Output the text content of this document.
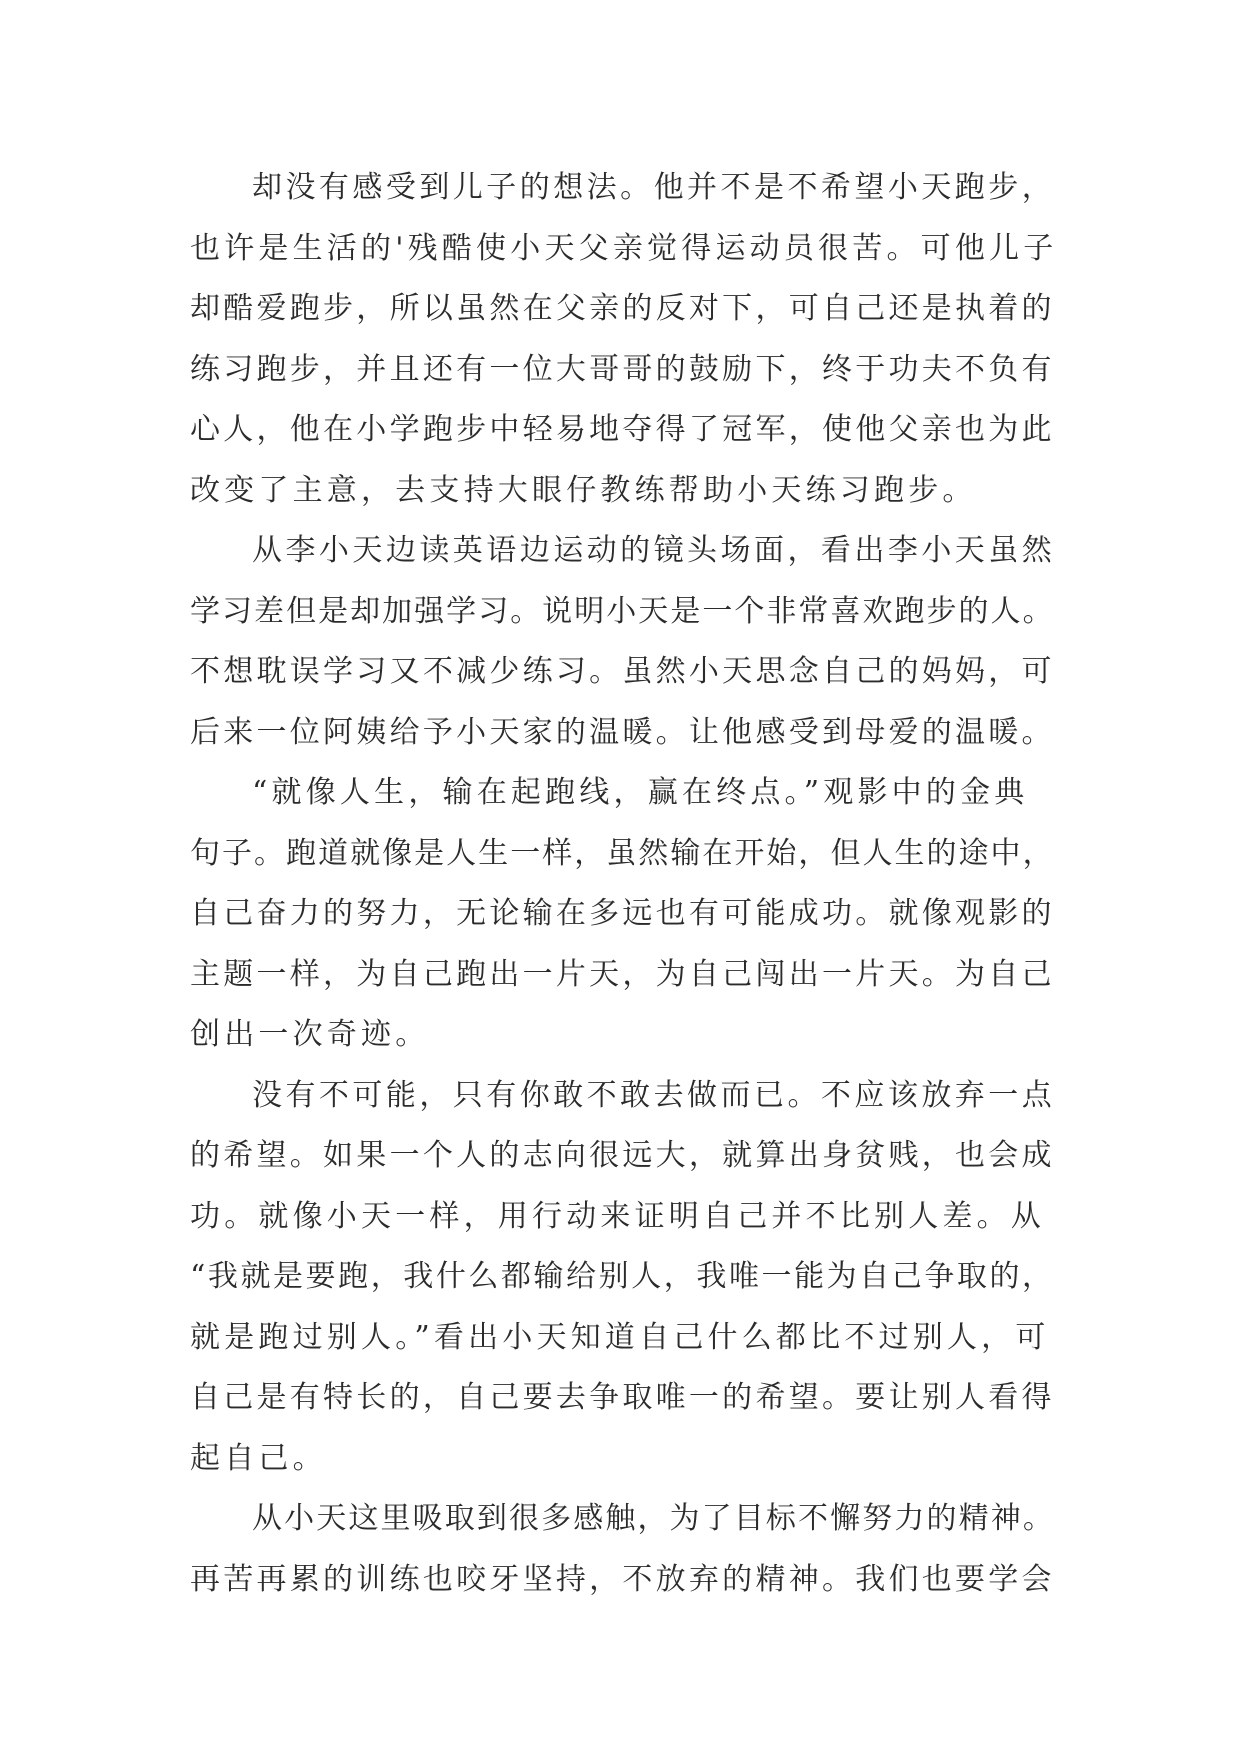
却没有感受到儿子的想法。他并不是不希望小天跑步，
也许是生活的'残酷使小天父亲觉得运动员很苦。可他儿子
却酷爱跑步，所以虽然在父亲的反对下，可自己还是执着的
练习跑步，并且还有一位大哥哥的鼓励下，终于功夫不负有
心人，他在小学跑步中轻易地夺得了冠军，使他父亲也为此
改变了主意，去支持大眼仔教练帮助小天练习跑步。
从李小天边读英语边运动的镜头场面，看出李小天虽然
学习差但是却加强学习。说明小天是一个非常喜欢跑步的人。
不想耽误学习又不减少练习。虽然小天思念自己的妈妈，可
后来一位阿姨给予小天家的温暖。让他感受到母爱的温暖。
“就像人生，输在起跑线，赢在终点。”观影中的金典
句子。跑道就像是人生一样，虽然输在开始，但人生的途中，
自己奋力的努力，无论输在多远也有可能成功。就像观影的
主题一样，为自己跑出一片天，为自己闯出一片天。为自己
创出一次奇迹。
没有不可能，只有你敢不敢去做而已。不应该放弃一点
的希望。如果一个人的志向很远大，就算出身贫贱，也会成
功。就像小天一样，用行动来证明自己并不比别人差。从
“我就是要跑，我什么都输给别人，我唯一能为自己争取的，
就是跑过别人。”看出小天知道自己什么都比不过别人，可
自己是有特长的，自己要去争取唯一的希望。要让别人看得
起自己。
从小天这里吸取到很多感触，为了目标不懈努力的精神。
再苦再累的训练也咬牙坚持，不放弃的精神。我们也要学会
